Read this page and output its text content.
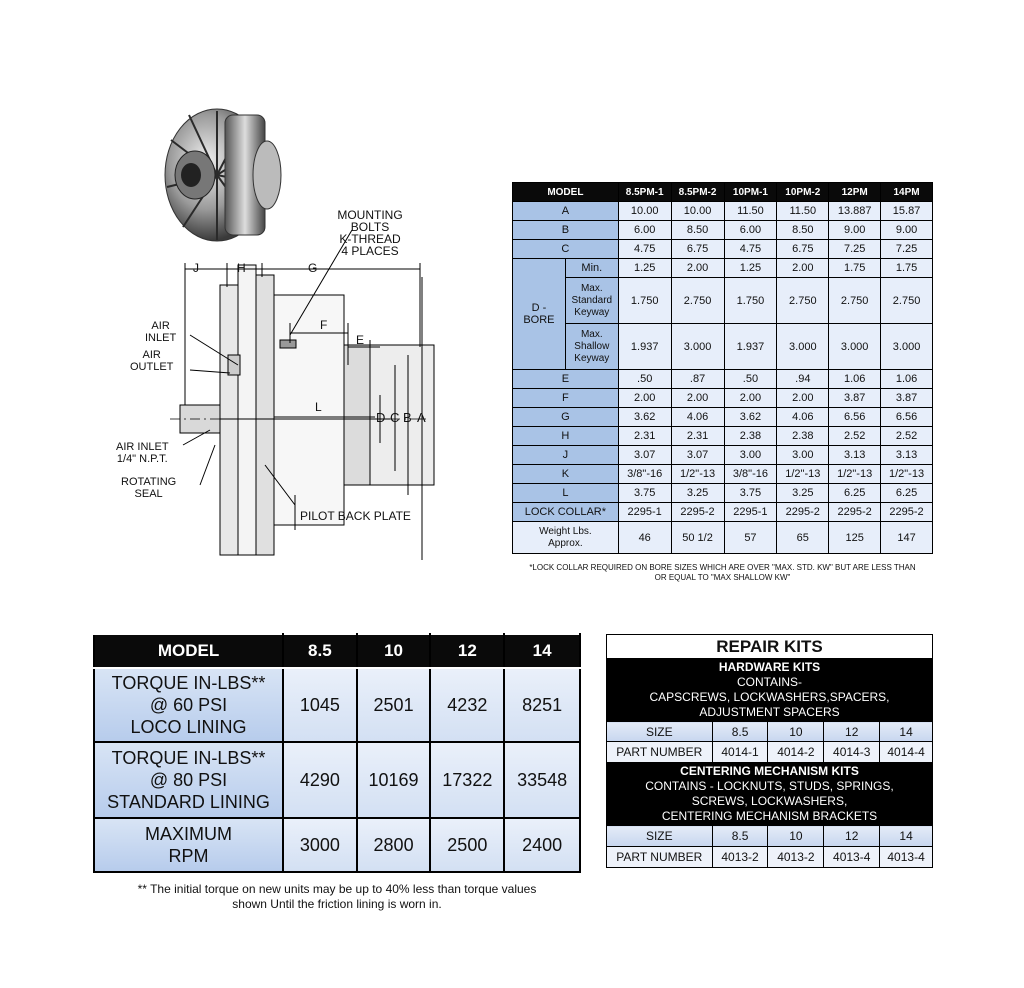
MOUNTING
BOLTS
K-THREAD
4 PLACES
J	H	G
F
E
L
D C B A
AIR
INLET
AIR
OUTLET
AIR INLET
1/4" N.P.T.
ROTATING
SEAL
PILOT BACK PLATE
MODEL		8.5PM-1	8.5PM-2	10PM-1	10PM-2	12PM	14PM
A		10.00	10.00	11.50	11.50	13.887	15.87
B		6.00	8.50	6.00	8.50	9.00	9.00
C		4.75	6.75	4.75	6.75	7.25	7.25

D -
BORE	Min.	1.25	2.00	1.25	2.00	1.75	1.75

	Max.
Standard
Keyway	1.750	2.750	1.750	2.750	2.750	2.750

	Max.
Shallow
Keyway	1.937	3.000	1.937	3.000	3.000	3.000
E		.50	.87	.50	.94	1.06	1.06
F		2.00	2.00	2.00	2.00	3.87	3.87
G		3.62	4.06	3.62	4.06	6.56	6.56
H		2.31	2.31	2.38	2.38	2.52	2.52
J		3.07	3.07	3.00	3.00	3.13	3.13
K		3/8"-16	1/2"-13	3/8"-16	1/2"-13	1/2"-13	1/2"-13
L		3.75	3.25	3.75	3.25	6.25	6.25
LOCK COLLAR*		2295-1	2295-2	2295-1	2295-2	2295-2	2295-2

Weight Lbs.
Approx.		46	50 1/2	57	65	125	147
*LOCK COLLAR REQUIRED ON BORE SIZES WHICH ARE OVER "MAX. STD. KW" BUT ARE LESS THAN
OR EQUAL TO "MAX SHALLOW KW"
MODEL	8.5	10	12	14

TORQUE IN-LBS**
@ 60 PSI
LOCO LINING	1045	2501	4232	8251

TORQUE IN-LBS**
@ 80 PSI
STANDARD LINING	4290	10169	17322	33548

MAXIMUM
RPM	3000	2800	2500	2400
** The initial torque on new units may be up to 40% less than torque values
shown Until the friction lining is worn in.
REPAIR KITS				

HARDWARE KITS
CONTAINS-
CAPSCREWS, LOCKWASHERS,SPACERS,
ADJUSTMENT SPACERS				

SIZE	8.5	10	12	14
PART NUMBER	4014-1	4014-2	4014-3	4014-4

CENTERING MECHANISM KITS
CONTAINS - LOCKNUTS, STUDS, SPRINGS,
SCREWS, LOCKWASHERS,
CENTERING MECHANISM BRACKETS				

SIZE	8.5	10	12	14
PART NUMBER	4013-2	4013-2	4013-4	4013-4
